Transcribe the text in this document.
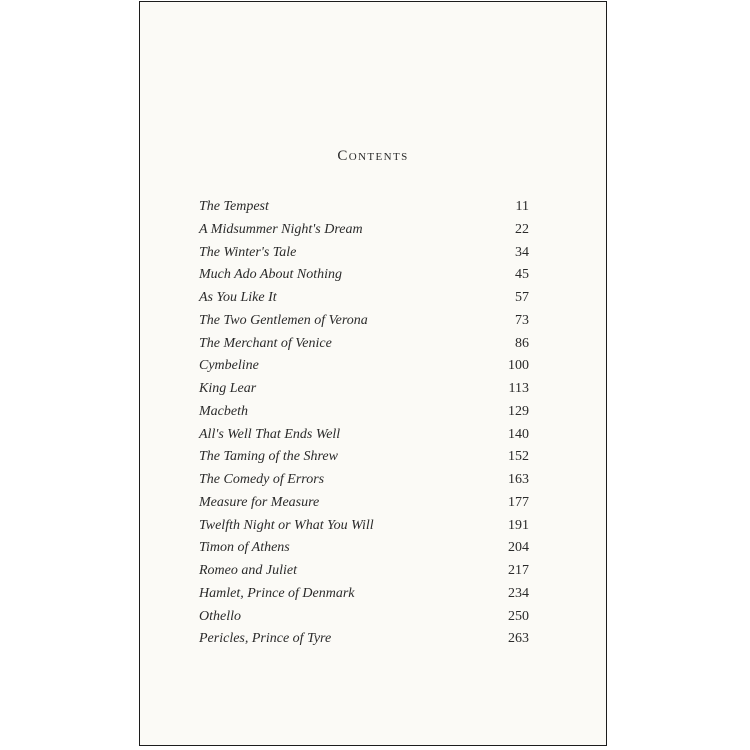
Contents
The Tempest	11
A Midsummer Night's Dream	22
The Winter's Tale	34
Much Ado About Nothing	45
As You Like It	57
The Two Gentlemen of Verona	73
The Merchant of Venice	86
Cymbeline	100
King Lear	113
Macbeth	129
All's Well That Ends Well	140
The Taming of the Shrew	152
The Comedy of Errors	163
Measure for Measure	177
Twelfth Night or What You Will	191
Timon of Athens	204
Romeo and Juliet	217
Hamlet, Prince of Denmark	234
Othello	250
Pericles, Prince of Tyre	263
